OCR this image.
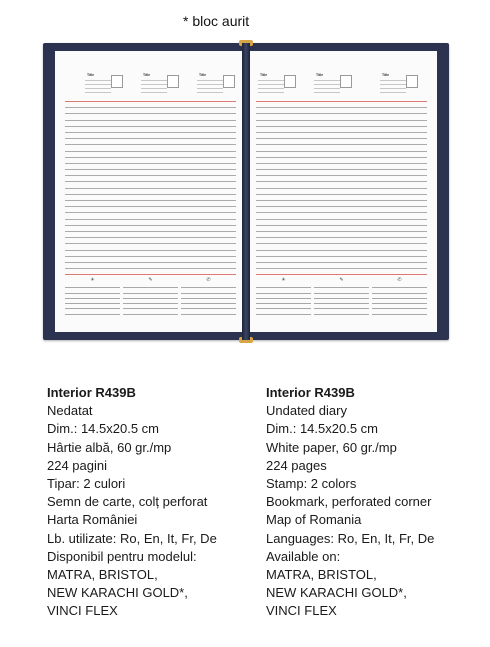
* bloc aurit
Title	Title	Title
☀	✎	✆
Title	Title	Title
☀	✎	✆
Interior R439B
Nedatat
Dim.: 14.5x20.5 cm
Hârtie albă, 60 gr./mp
224 pagini
Tipar: 2 culori
Semn de carte, colț perforat
Harta României
Lb. utilizate: Ro, En, It, Fr, De
Disponibil pentru modelul:
MATRA, BRISTOL,
NEW KARACHI GOLD*,
VINCI FLEX
Interior R439B
Undated diary
Dim.: 14.5x20.5 cm
White paper, 60 gr./mp
224 pages
Stamp: 2 colors
Bookmark, perforated corner
Map of Romania
Languages: Ro, En, It, Fr, De
Available on:
MATRA, BRISTOL,
NEW KARACHI GOLD*,
VINCI FLEX
